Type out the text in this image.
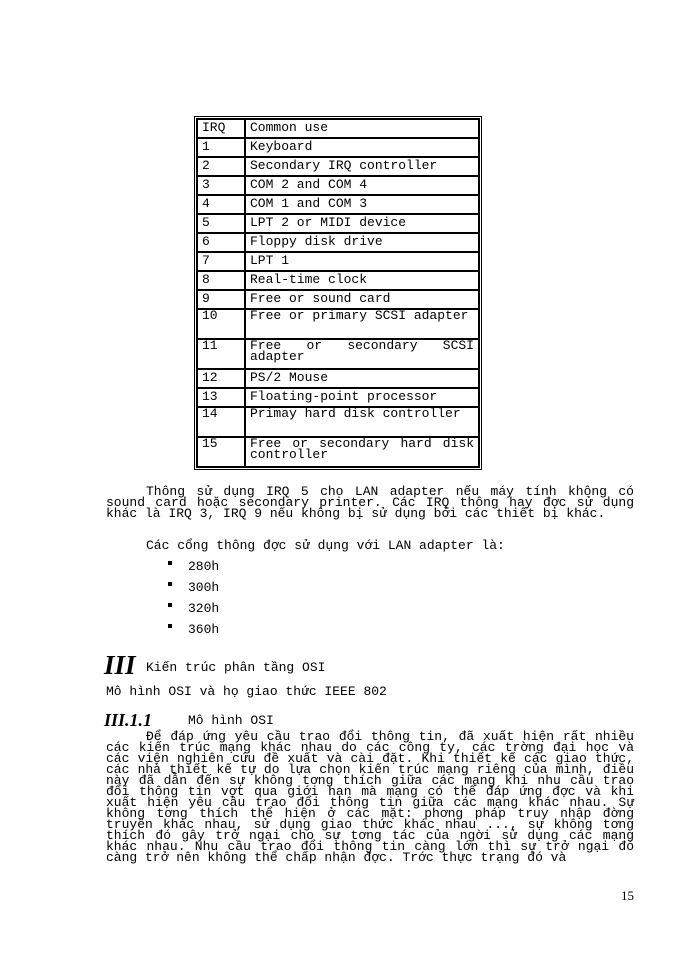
IRQ	Common use
1	Keyboard
2	Secondary IRQ controller
3	COM 2 and COM 4
4	COM 1 and COM 3
5	LPT 2 or MIDI device
6	Floppy disk drive
7	LPT 1
8	Real-time clock
9	Free or sound card
10	Free or primary SCSI adapter
11	Free or secondary SCSI adapter
12	PS/2 Mouse
13	Floating-point processor
14	Primay hard disk controller
15	Free or secondary hard disk controller
Thông sử dụng IRQ 5 cho LAN adapter nếu máy tính không có sound card hoặc secondary printer. Các IRQ thông hay đợc sử dụng khác là IRQ 3, IRQ 9 nếu không bị sử dụng bởi các thiết bị khác.
Các cổng thông đợc sử dụng với LAN adapter là:
280h
300h
320h
360h
III Kiến trúc phân tầng OSI
Mô hình OSI và họ giao thức IEEE 802
III.1.1	Mô hình OSI
Để đáp ứng yêu cầu trao đổi thông tin, đã xuất hiện rất nhiều các kiến trúc mạng khác nhau do các công ty, các trờng đại học và các viện nghiên cứu đề xuất và cài đặt. Khi thiết kế các giao thức, các nhà thiết kế tự do lựa chọn kiến trúc mạng riêng của mình, điều này đã dẫn đến sự không tơng thích giữa các mạng khi nhu cầu trao đổi thông tin vợt qua giới hạn mà mạng có thể đáp ứng đợc và khi xuất hiện yêu cầu trao đổi thông tin giữa các mạng khác nhau. Sự không tơng thích thể hiện ở các mặt: phơng pháp truy nhập đờng truyền khác nhau, sử dụng giao thức khác nhau ..., sự không tơng thích đó gây trở ngại cho sự tơng tác của ngời sử dụng các mạng khác nhau. Nhu cầu trao đổi thông tin càng lớn thì sự trở ngại đó càng trở nên không thể chấp nhận đợc. Trớc thực trạng đó và
15
